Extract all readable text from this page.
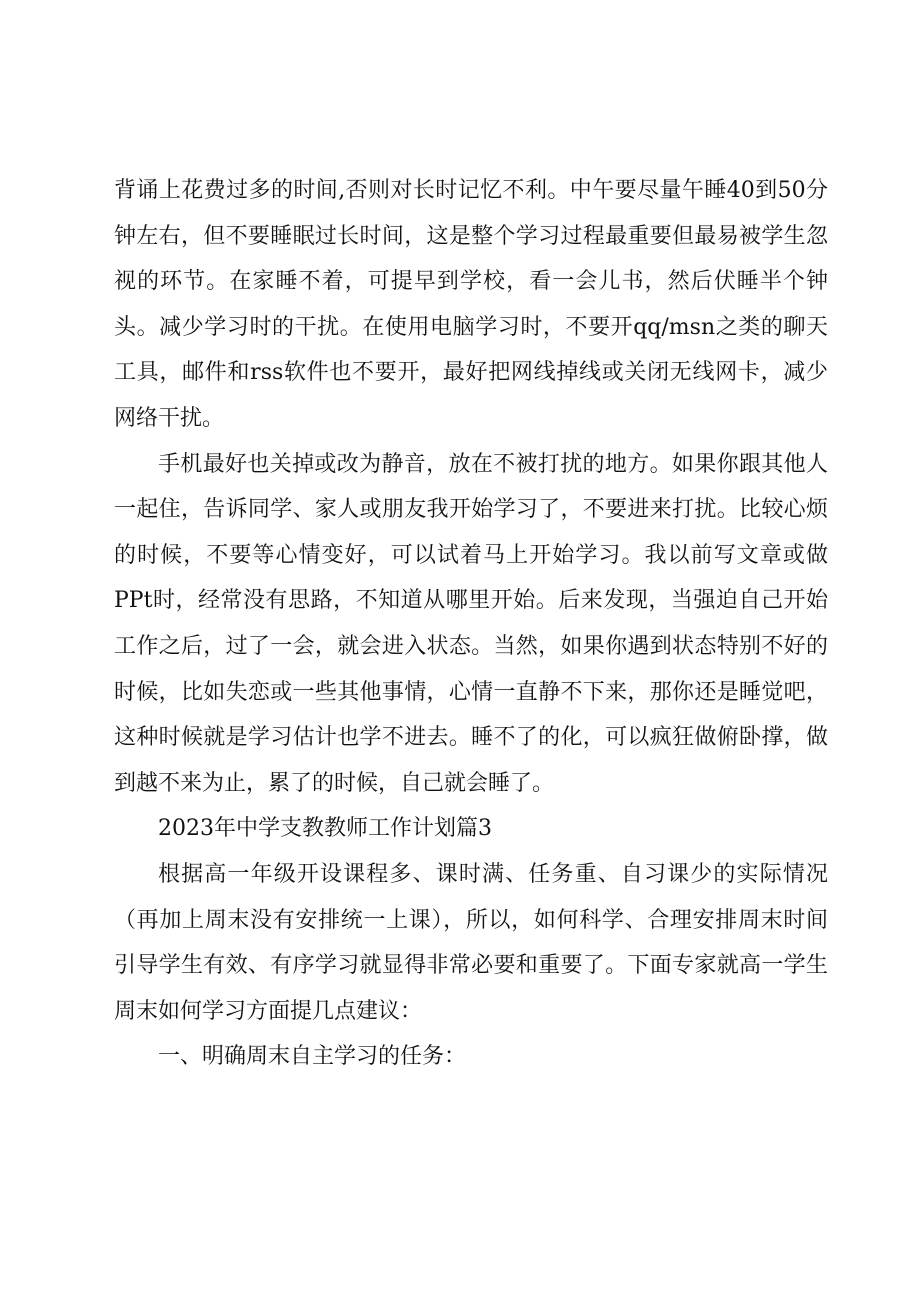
背诵上花费过多的时间,否则对长时记忆不利。中午要尽量午睡40到50分钟左右，但不要睡眠过长时间，这是整个学习过程最重要但最易被学生忽视的环节。在家睡不着，可提早到学校，看一会儿书，然后伏睡半个钟头。减少学习时的干扰。在使用电脑学习时，不要开qq/msn之类的聊天工具，邮件和rss软件也不要开，最好把网线掉线或关闭无线网卡，减少网络干扰。

手机最好也关掉或改为静音，放在不被打扰的地方。如果你跟其他人一起住，告诉同学、家人或朋友我开始学习了，不要进来打扰。比较心烦的时候，不要等心情变好，可以试着马上开始学习。我以前写文章或做PPt时，经常没有思路，不知道从哪里开始。后来发现，当强迫自己开始工作之后，过了一会，就会进入状态。当然，如果你遇到状态特别不好的时候，比如失恋或一些其他事情，心情一直静不下来，那你还是睡觉吧，这种时候就是学习估计也学不进去。睡不了的化，可以疯狂做俯卧撑，做到越不来为止，累了的时候，自己就会睡了。

2023年中学支教教师工作计划篇3

根据高一年级开设课程多、课时满、任务重、自习课少的实际情况（再加上周末没有安排统一上课），所以，如何科学、合理安排周末时间引导学生有效、有序学习就显得非常必要和重要了。下面专家就高一学生周末如何学习方面提几点建议：

一、明确周末自主学习的任务：
